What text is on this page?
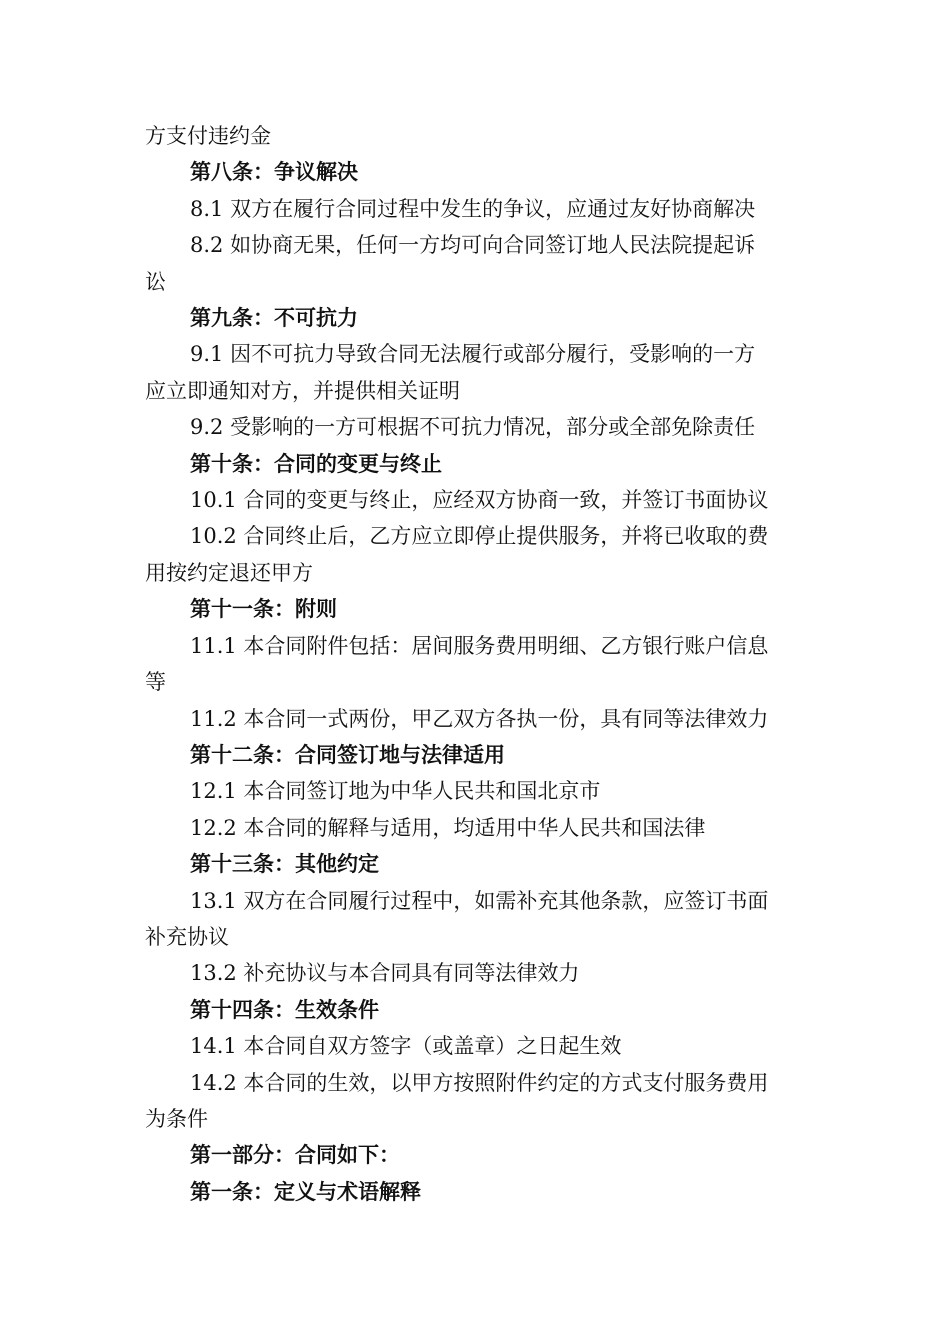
方支付违约金
第八条：争议解决
8.1 双方在履行合同过程中发生的争议，应通过友好协商解决
8.2 如协商无果，任何一方均可向合同签订地人民法院提起诉
讼
第九条：不可抗力
9.1 因不可抗力导致合同无法履行或部分履行，受影响的一方
应立即通知对方，并提供相关证明
9.2 受影响的一方可根据不可抗力情况，部分或全部免除责任
第十条：合同的变更与终止
10.1 合同的变更与终止，应经双方协商一致，并签订书面协议
10.2 合同终止后，乙方应立即停止提供服务，并将已收取的费
用按约定退还甲方
第十一条：附则
11.1 本合同附件包括：居间服务费用明细、乙方银行账户信息
等
11.2 本合同一式两份，甲乙双方各执一份，具有同等法律效力
第十二条：合同签订地与法律适用
12.1 本合同签订地为中华人民共和国北京市
12.2 本合同的解释与适用，均适用中华人民共和国法律
第十三条：其他约定
13.1 双方在合同履行过程中，如需补充其他条款，应签订书面
补充协议
13.2 补充协议与本合同具有同等法律效力
第十四条：生效条件
14.1 本合同自双方签字（或盖章）之日起生效
14.2 本合同的生效，以甲方按照附件约定的方式支付服务费用
为条件
第一部分：合同如下：
第一条：定义与术语解释
